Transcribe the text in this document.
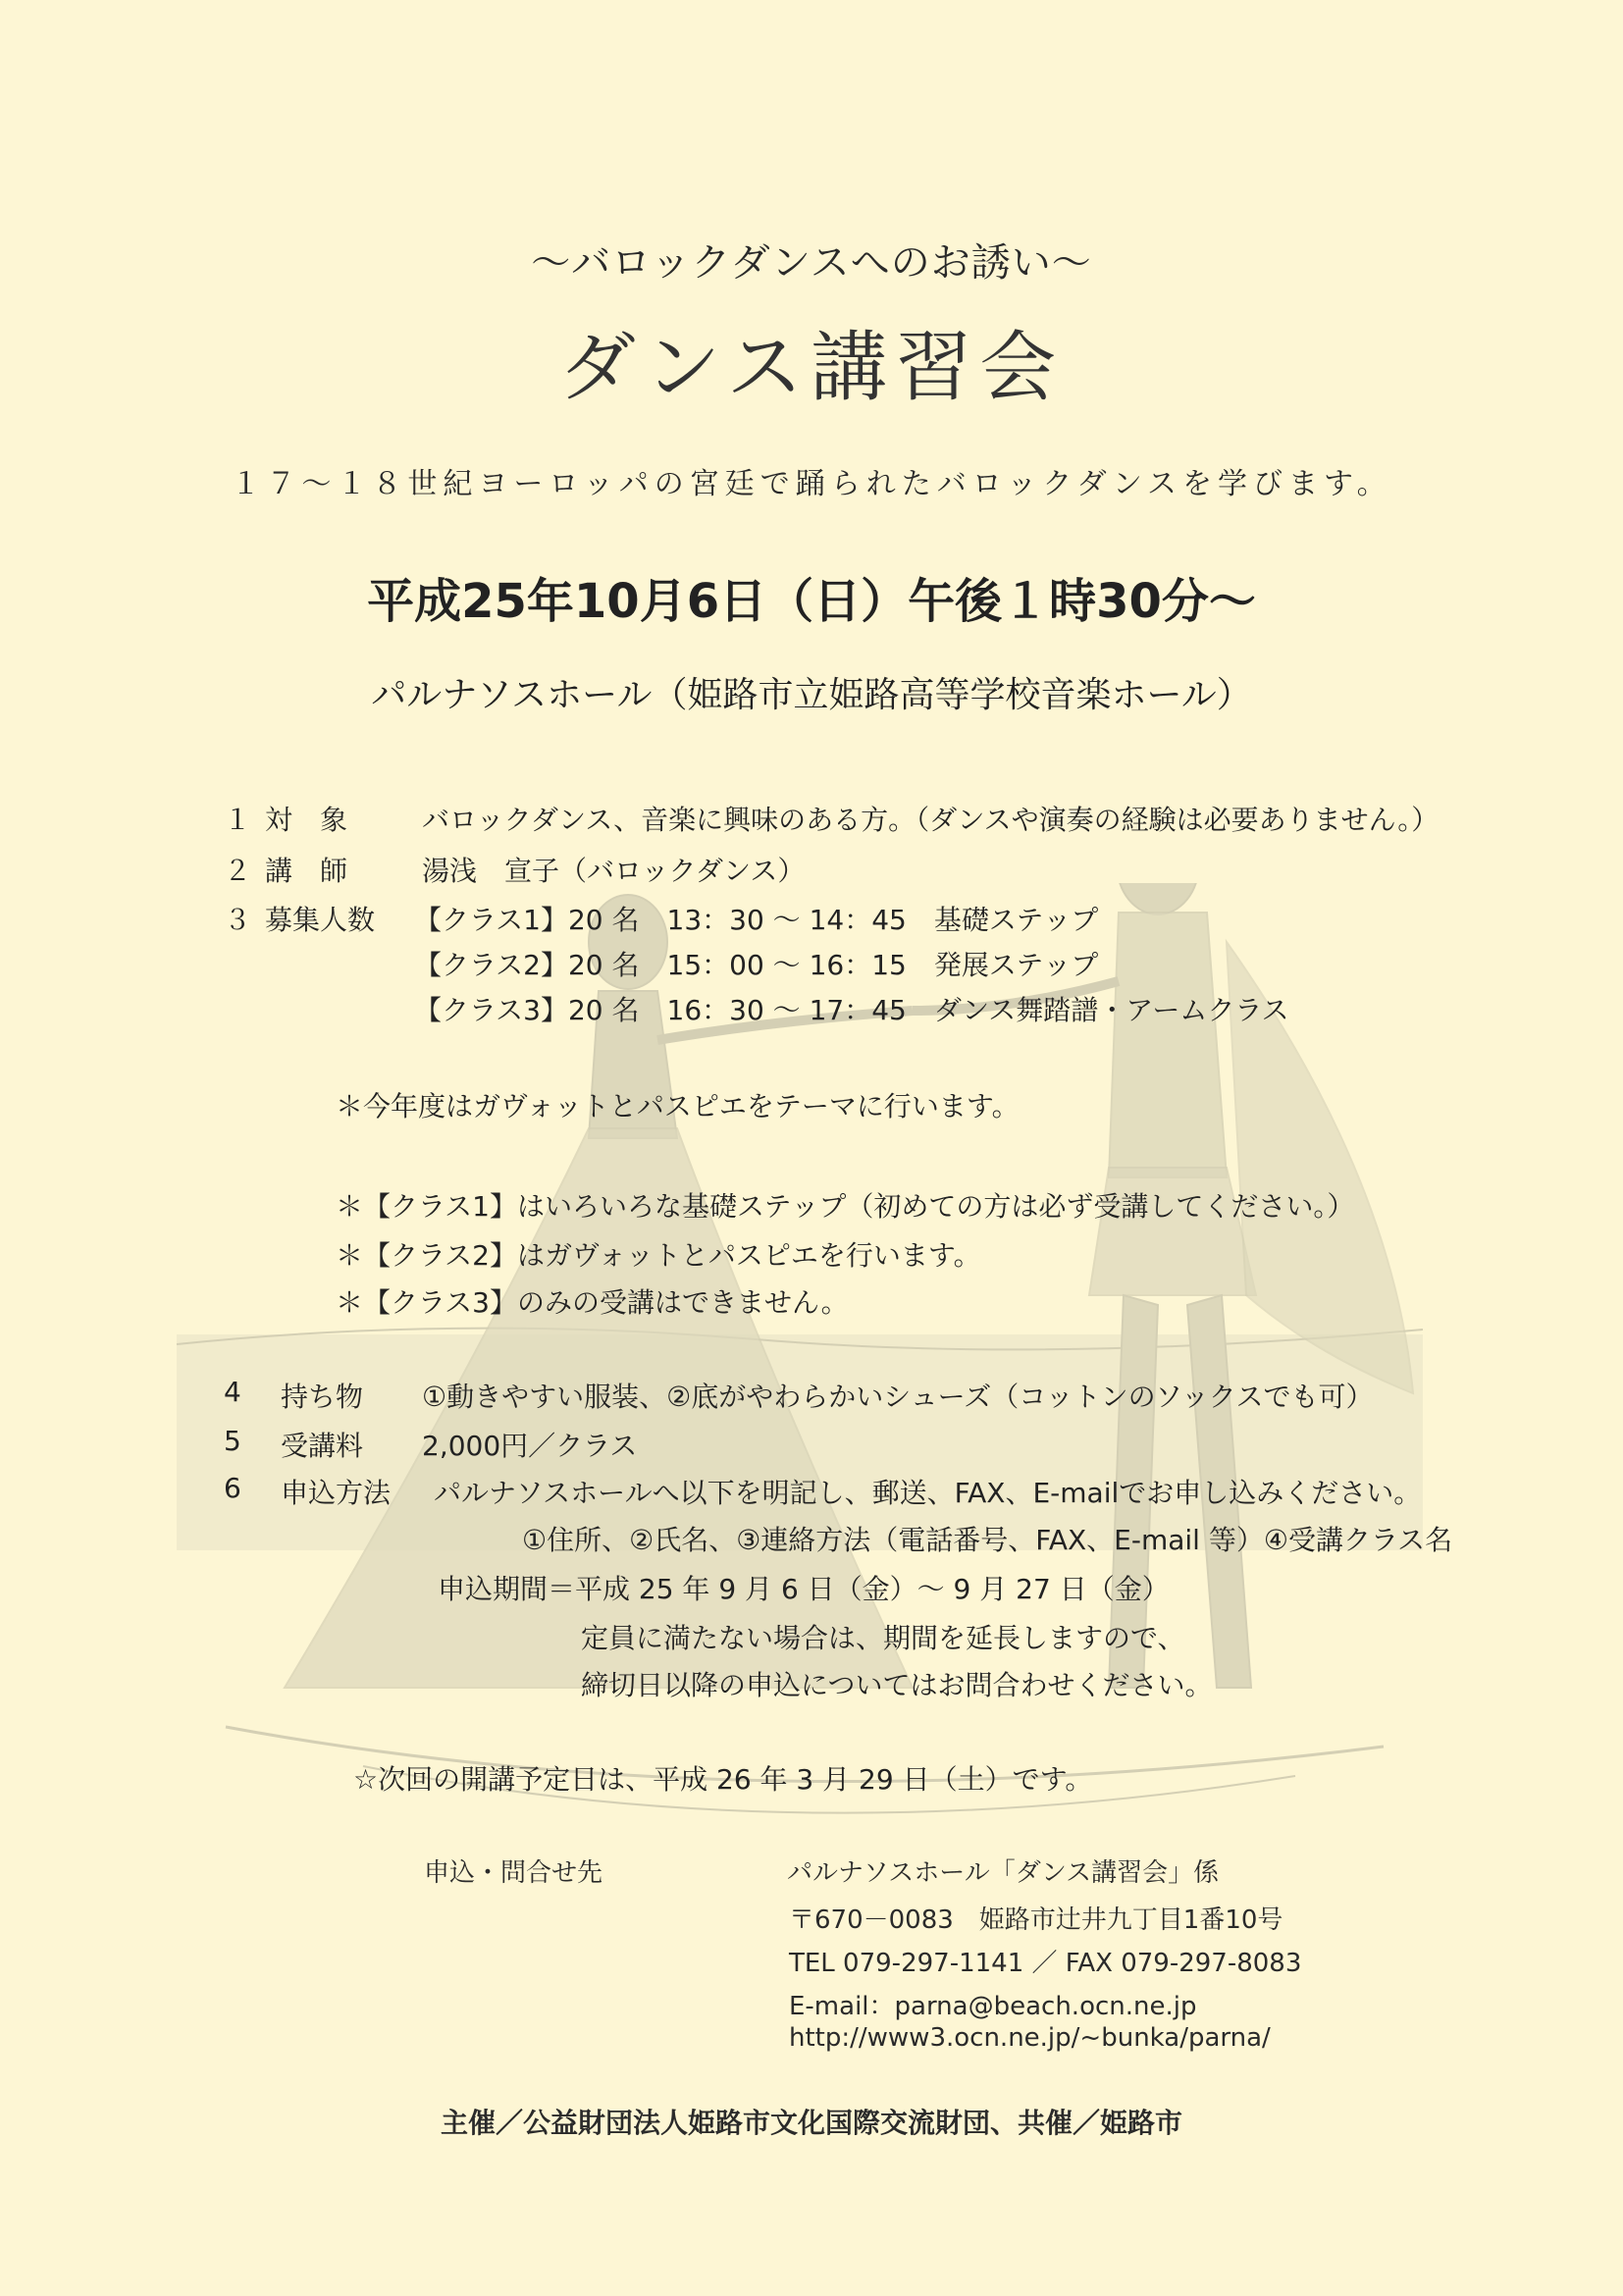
～バロックダンスへのお誘い～
ダンス講習会
１７～１８世紀ヨーロッパの宮廷で踊られたバロックダンスを学びます。
平成25年10月6日（日）午後１時30分～
パルナソスホール（姫路市立姫路高等学校音楽ホール）
１ 対　象	バロックダンス、音楽に興味のある方。（ダンスや演奏の経験は必要ありません。）
２ 講　師	湯浅　宣子（バロックダンス）
３ 募集人数 【クラス1】20 名　13：30 ～ 14：45　基礎ステップ
【クラス2】20 名　15：00 ～ 16：15　発展ステップ
【クラス3】20 名　16：30 ～ 17：45　ダンス舞踏譜・アームクラス
＊今年度はガヴォットとパスピエをテーマに行います。
＊【クラス1】はいろいろな基礎ステップ（初めての方は必ず受講してください。）
＊【クラス2】はガヴォットとパスピエを行います。
＊【クラス3】のみの受講はできません。
4 持ち物 ①動きやすい服装、②底がやわらかいシューズ（コットンのソックスでも可）
5 受講料 2,000円／クラス
6 申込方法 パルナソスホールへ以下を明記し、郵送、FAX、E-mailでお申し込みください。
①住所、②氏名、③連絡方法（電話番号、FAX、E-mail 等）④受講クラス名
申込期間＝平成 25 年 9 月 6 日（金）～ 9 月 27 日（金）
定員に満たない場合は、期間を延長しますので、
締切日以降の申込についてはお問合わせください。
☆次回の開講予定日は、平成 26 年 3 月 29 日（土）です。
申込・問合せ先	パルナソスホール「ダンス講習会」係
〒670－0083　姫路市辻井九丁目1番10号
TEL 079-297-1141 ／ FAX 079-297-8083
E-mail：parna@beach.ocn.ne.jp
http://www3.ocn.ne.jp/~bunka/parna/
主催／公益財団法人姫路市文化国際交流財団、共催／姫路市
